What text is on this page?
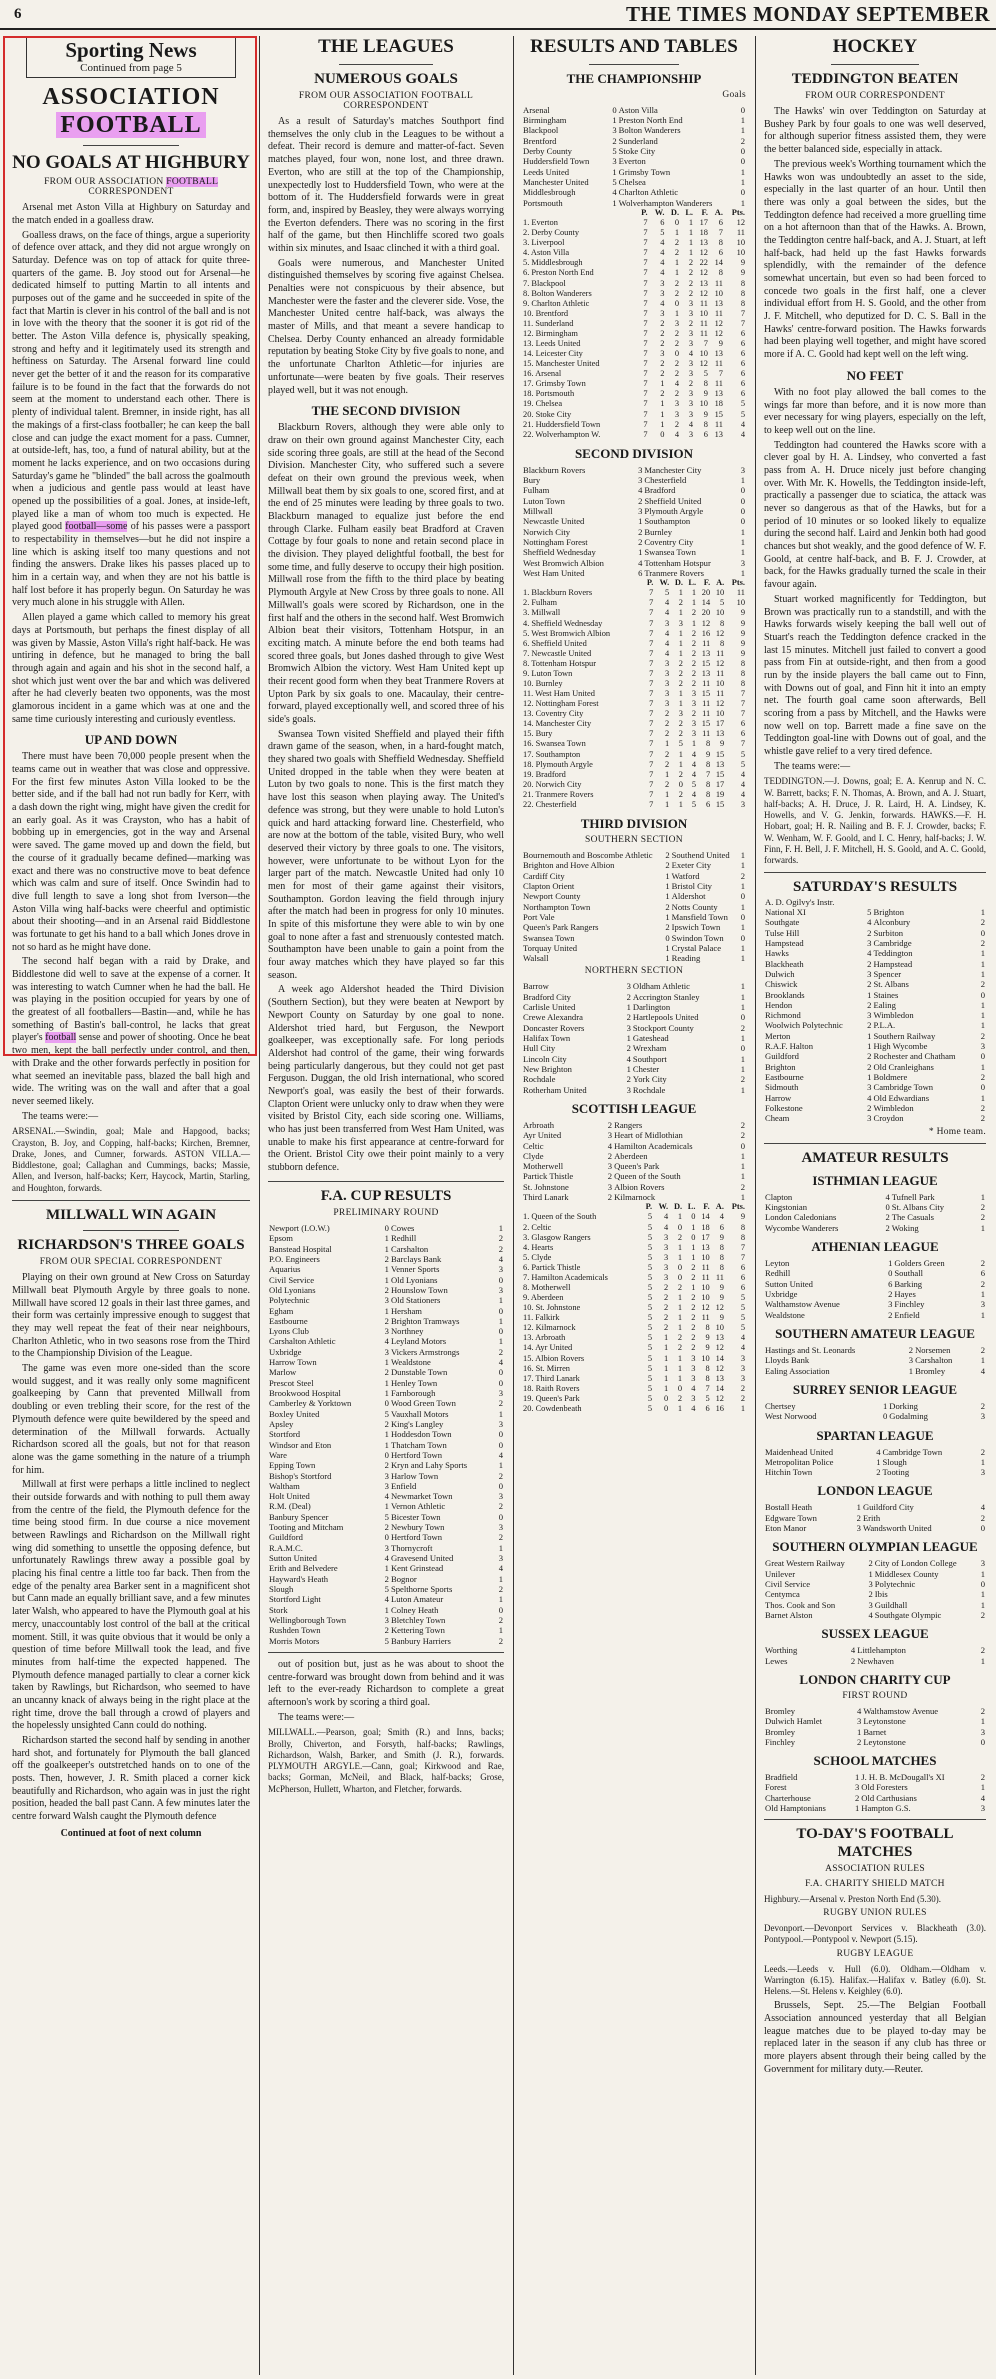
6	THE TIMES MONDAY SEPTEMBER
Sporting News
Continued from page 5
ASSOCIATION
FOOTBALL
NO GOALS AT HIGHBURY
FROM OUR ASSOCIATION FOOTBALL CORRESPONDENT

Arsenal met Aston Villa at Highbury on Saturday and the match ended in a goalless draw.

Goalless draws, on the face of things, argue a superiority of defence over attack, and they did not argue wrongly on Saturday. Defence was on top of attack for quite three-quarters of the game. B. Joy stood out for Arsenal—he dedicated himself to putting Martin to all intents and purposes out of the game and he succeeded in spite of the fact that Martin is clever in his control of the ball and is not in love with the theory that the sooner it is got rid of the better. The Aston Villa defence is, physically speaking, strong and hefty and it legitimately used its strength and heftiness on Saturday. The Arsenal forward line could never get the better of it and the reason for its comparative failure is to be found in the fact that the forwards do not seem at the moment to understand each other. There is plenty of individual talent. Bremner, in inside right, has all the makings of a first-class footballer; he can keep the ball close and can judge the exact moment for a pass. Cumner, at outside-left, has, too, a fund of natural ability, but at the moment he lacks experience, and on two occasions during Saturday's game he "blinded" the ball across the goalmouth when a judicious and gentle pass would at least have opened up the possibilities of a goal. Jones, at inside-left, played like a man of whom too much is expected. He played good football—some of his passes were a passport to respectability in themselves—but he did not inspire a line which is asking itself too many questions and not finding the answers. Drake likes his passes placed up to him in a certain way, and when they are not his battle is half lost before it has properly begun. On Saturday he was very much alone in his struggle with Allen.

Allen played a game which called to memory his great days at Portsmouth, but perhaps the finest display of all was given by Massie, Aston Villa's right half-back. He was untiring in defence, but he managed to bring the ball through again and again and his shot in the second half, a shot which just went over the bar and which was delivered after he had cleverly beaten two opponents, was the most glamorous incident in a game which was at one and the same time curiously interesting and curiously eventless.

UP AND DOWN

There must have been 70,000 people present when the teams came out in weather that was close and oppressive. For the first few minutes Aston Villa looked to be the better side, and if the ball had not run badly for Kerr, with a dash down the right wing, might have given the credit for an early goal. As it was Crayston, who has a habit of bobbing up in emergencies, got in the way and Arsenal were saved. The game moved up and down the field, but the course of it gradually became defined—marking was exact and there was no constructive move to beat defence which was calm and sure of itself. Once Swindin had to dive full length to save a long shot from Iverson—the Aston Villa wing half-backs were cheerful and optimistic about their shooting—and in an Arsenal raid Biddlestone was fortunate to get his hand to a ball which Jones drove in not so hard as he might have done.

The second half began with a raid by Drake, and Biddlestone did well to save at the expense of a corner. It was interesting to watch Cumner when he had the ball. He was playing in the position occupied for years by one of the greatest of all footballers—Bastin—and, while he has something of Bastin's ball-control, he lacks that great player's football sense and power of shooting. Once he beat two men, kept the ball perfectly under control, and then, with Drake and the other forwards perfectly in position for what seemed an inevitable pass, blazed the ball high and wide. The writing was on the wall and after that a goal never seemed likely.

The teams were:—

ARSENAL.—Swindin, goal; Male and Hapgood, backs; Crayston, B. Joy, and Copping, half-backs; Kirchen, Bremner, Drake, Jones, and Cumner, forwards. ASTON VILLA.—Biddlestone, goal; Callaghan and Cummings, backs; Massie, Allen, and Iverson, half-backs; Kerr, Haycock, Martin, Starling, and Houghton, forwards.

MILLWALL WIN AGAIN
RICHARDSON'S THREE GOALS
FROM OUR SPECIAL CORRESPONDENT

Playing on their own ground at New Cross on Saturday Millwall beat Plymouth Argyle by three goals to none. Millwall have scored 12 goals in their last three games, and their form was certainly impressive enough to suggest that they may well repeat the feat of their near neighbours, Charlton Athletic, who in two seasons rose from the Third to the Championship Division of the League.

The game was even more one-sided than the score would suggest, and it was really only some magnificent goalkeeping by Cann that prevented Millwall from doubling or even trebling their score, for the rest of the Plymouth defence were quite bewildered by the speed and determination of the Millwall forwards. Actually Richardson scored all the goals, but not for that reason alone was the game something in the nature of a triumph for him.

Millwall at first were perhaps a little inclined to neglect their outside forwards and with nothing to pull them away from the centre of the field, the Plymouth defence for the time being stood firm. In due course a nice movement between Rawlings and Richardson on the Millwall right wing did something to unsettle the opposing defence, but unfortunately Rawlings threw away a possible goal by placing his final centre a little too far back. Then from the edge of the penalty area Barker sent in a magnificent shot but Cann made an equally brilliant save, and a few minutes later Walsh, who appeared to have the Plymouth goal at his mercy, unaccountably lost control of the ball at the critical moment. Still, it was quite obvious that it would be only a question of time before Millwall took the lead, and five minutes from half-time the expected happened. The Plymouth defence managed partially to clear a corner kick taken by Rawlings, but Richardson, who seemed to have an uncanny knack of always being in the right place at the right time, drove the ball through a crowd of players and the hopelessly unsighted Cann could do nothing.

Richardson started the second half by sending in another hard shot, and fortunately for Plymouth the ball glanced off the goalkeeper's outstretched hands on to one of the posts. Then, however, J. R. Smith placed a corner kick beautifully and Richardson, who again was in just the right position, headed the ball past Cann. A few minutes later the centre forward Walsh caught the Plymouth defence

Continued at foot of next column
THE LEAGUES
NUMEROUS GOALS
FROM OUR ASSOCIATION FOOTBALL CORRESPONDENT

As a result of Saturday's matches Southport find themselves the only club in the Leagues to be without a defeat. Their record is demure and matter-of-fact. Seven matches played, four won, none lost, and three drawn. Everton, who are still at the top of the Championship, unexpectedly lost to Huddersfield Town, who were at the bottom of it. The Huddersfield forwards were in great form, and, inspired by Beasley, they were always worrying the Everton defenders. There was no scoring in the first half of the game, but then Hinchliffe scored two goals within six minutes, and Isaac clinched it with a third goal.

Goals were numerous, and Manchester United distinguished themselves by scoring five against Chelsea. Penalties were not conspicuous by their absence, but Manchester were the faster and the cleverer side. Vose, the Manchester United centre half-back, was always the master of Mills, and that meant a severe handicap to Chelsea. Derby County enhanced an already formidable reputation by beating Stoke City by five goals to none, and the unfortunate Charlton Athletic—for injuries are unfortunate—were beaten by five goals. Their reserves played well, but it was not enough.

THE SECOND DIVISION

Blackburn Rovers, although they were able only to draw on their own ground against Manchester City, each side scoring three goals, are still at the head of the Second Division. Manchester City, who suffered such a severe defeat on their own ground the previous week, when Millwall beat them by six goals to one, scored first, and at the end of 25 minutes were leading by three goals to two. Blackburn managed to equalize just before the end through Clarke. Fulham easily beat Bradford at Craven Cottage by four goals to none and retain second place in the division. They played delightful football, the best for some time, and fully deserve to occupy their high position. Millwall rose from the fifth to the third place by beating Plymouth Argyle at New Cross by three goals to none. All Millwall's goals were scored by Richardson, one in the first half and the others in the second half. West Bromwich Albion beat their visitors, Tottenham Hotspur, in an exciting match. A minute before the end both teams had scored three goals, but Jones dashed through to give West Bromwich Albion the victory. West Ham United kept up their recent good form when they beat Tranmere Rovers at Upton Park by six goals to one. Macaulay, their centre-forward, played exceptionally well, and scored three of his side's goals.

Swansea Town visited Sheffield and played their fifth drawn game of the season, when, in a hard-fought match, they shared two goals with Sheffield Wednesday. Sheffield United dropped in the table when they were beaten at Luton by two goals to none. This is the first match they have lost this season when playing away. The United's defence was strong, but they were unable to hold Luton's quick and hard attacking forward line. Chesterfield, who are now at the bottom of the table, visited Bury, who well deserved their victory by three goals to one. The visitors, however, were unfortunate to be without Lyon for the larger part of the match. Newcastle United had only 10 men for most of their game against their visitors, Southampton. Gordon leaving the field through injury after the match had been in progress for only 10 minutes. In spite of this misfortune they were able to win by one goal to none after a fast and strenuously contested match. Southampton have been unable to gain a point from the four away matches which they have played so far this season.

A week ago Aldershot headed the Third Division (Southern Section), but they were beaten at Newport by Newport County on Saturday by one goal to none. Aldershot tried hard, but Ferguson, the Newport goalkeeper, was exceptionally safe. For long periods Aldershot had control of the game, their wing forwards being particularly dangerous, but they could not get past Ferguson. Duggan, the old Irish international, who scored Newport's goal, was easily the best of their forwards. Clapton Orient were unlucky only to draw when they were visited by Bristol City, each side scoring one. Williams, who has just been transferred from West Ham United, was unable to make his first appearance at centre-forward for the Orient. Bristol City owe their point mainly to a very stubborn defence.

F.A. CUP RESULTS
PRELIMINARY ROUND
Newport (I.O.W.)	0	Cowes	1
Epsom	1	Redhill	2
Banstead Hospital	1	Carshalton	2
P.O. Engineers	2	Barclays Bank	4
Aquarius	1	Venner Sports	3
Civil Service	1	Old Lyonians	0
Old Lyonians	2	Hounslow Town	3
Polytechnic	3	Old Stationers	1
Egham	1	Hersham	0
Eastbourne	2	Brighton Tramways	1
Lyons Club	3	Northney	0
Carshalton Athletic	4	Leyland Motors	1
Uxbridge	3	Vickers Armstrongs	2
Harrow Town	1	Wealdstone	4
Marlow	2	Dunstable Town	0
Prescot Steel	1	Henley Town	0
Brookwood Hospital	1	Farnborough	3
Camberley & Yorktown	0	Wood Green Town	2
Boxley United	5	Vauxhall Motors	1
Apsley	2	King's Langley	3
Stortford	1	Hoddesdon Town	0
Windsor and Eton	1	Thatcham Town	0
Ware	0	Hertford Town	4
Epping Town	2	Kryn and Lahy Sports	1
Bishop's Stortford	3	Harlow Town	2
Waltham	3	Enfield	0
Holt United	4	Newmarket Town	3
R.M. (Deal)	1	Vernon Athletic	2
Banbury Spencer	5	Bicester Town	0
Tooting and Mitcham	2	Newbury Town	3
Guildford	0	Hertford Town	2
R.A.M.C.	3	Thornycroft	1
Sutton United	4	Gravesend United	3
Erith and Belvedere	1	Kent Grinstead	4
Hayward's Heath	2	Bognor	1
Slough	5	Spelthorne Sports	2
Stortford Light	4	Luton Amateur	1
Stork	1	Colney Heath	0
Wellingborough Town	3	Bletchley Town	2
Rushden Town	2	Kettering Town	1
Morris Motors	5	Banbury Harriers	2

out of position but, just as he was about to shoot the centre-forward was brought down from behind and it was left to the ever-ready Richardson to complete a great afternoon's work by scoring a third goal.

The teams were:—

MILLWALL.—Pearson, goal; Smith (R.) and Inns, backs; Brolly, Chiverton, and Forsyth, half-backs; Rawlings, Richardson, Walsh, Barker, and Smith (J. R.), forwards. PLYMOUTH ARGYLE.—Cann, goal; Kirkwood and Rae, backs; Gorman, McNeil, and Black, half-backs; Grose, McPherson, Hullett, Wharton, and Fletcher, forwards.

RESULTS AND TABLES
THE CHAMPIONSHIP
Goals
Arsenal	0	Aston Villa	0
Birmingham	1	Preston North End	1
Blackpool	3	Bolton Wanderers	1
Brentford	2	Sunderland	2
Derby County	5	Stoke City	0
Huddersfield Town	3	Everton	0
Leeds United	1	Grimsby Town	1
Manchester United	5	Chelsea	1
Middlesbrough	4	Charlton Athletic	0
Portsmouth	1	Wolverhampton Wanderers	1
	P.	W.	D.	L.	F.	A.	Pts.
1. Everton	7	6	0	1	17	6	12
2. Derby County	7	5	1	1	18	7	11
3. Liverpool	7	4	2	1	13	8	10
4. Aston Villa	7	4	2	1	12	6	10
5. Middlesbrough	7	4	1	2	22	14	9
6. Preston North End	7	4	1	2	12	8	9
7. Blackpool	7	3	2	2	13	11	8
8. Bolton Wanderers	7	3	2	2	12	10	8
9. Charlton Athletic	7	4	0	3	11	13	8
10. Brentford	7	3	1	3	10	11	7
11. Sunderland	7	2	3	2	11	12	7
12. Birmingham	7	2	2	3	11	12	6
13. Leeds United	7	2	2	3	7	9	6
14. Leicester City	7	3	0	4	10	13	6
15. Manchester United	7	2	2	3	12	11	6
16. Arsenal	7	2	2	3	5	7	6
17. Grimsby Town	7	1	4	2	8	11	6
18. Portsmouth	7	2	2	3	9	13	6
19. Chelsea	7	1	3	3	10	18	5
20. Stoke City	7	1	3	3	9	15	5
21. Huddersfield Town	7	1	2	4	8	11	4
22. Wolverhampton W.	7	0	4	3	6	13	4
SECOND DIVISION
Blackburn Rovers	3	Manchester City	3
Bury	3	Chesterfield	1
Fulham	4	Bradford	0
Luton Town	2	Sheffield United	0
Millwall	3	Plymouth Argyle	0
Newcastle United	1	Southampton	0
Norwich City	2	Burnley	1
Nottingham Forest	2	Coventry City	1
Sheffield Wednesday	1	Swansea Town	1
West Bromwich Albion	4	Tottenham Hotspur	3
West Ham United	6	Tranmere Rovers	1
	P.	W.	D.	L.	F.	A.	Pts.
1. Blackburn Rovers	7	5	1	1	20	10	11
2. Fulham	7	4	2	1	14	5	10
3. Millwall	7	4	1	2	20	10	9
4. Sheffield Wednesday	7	3	3	1	12	8	9
5. West Bromwich Albion	7	4	1	2	16	12	9
6. Sheffield United	7	4	1	2	11	8	9
7. Newcastle United	7	4	1	2	13	11	9
8. Tottenham Hotspur	7	3	2	2	15	12	8
9. Luton Town	7	3	2	2	13	11	8
10. Burnley	7	3	2	2	11	10	8
11. West Ham United	7	3	1	3	15	11	7
12. Nottingham Forest	7	3	1	3	11	12	7
13. Coventry City	7	2	3	2	11	10	7
14. Manchester City	7	2	2	3	15	17	6
15. Bury	7	2	2	3	11	13	6
16. Swansea Town	7	1	5	1	8	9	7
17. Southampton	7	2	1	4	9	15	5
18. Plymouth Argyle	7	2	1	4	8	13	5
19. Bradford	7	1	2	4	7	15	4
20. Norwich City	7	2	0	5	8	17	4
21. Tranmere Rovers	7	1	2	4	8	19	4
22. Chesterfield	7	1	1	5	6	15	3
THIRD DIVISION
SOUTHERN SECTION
Bournemouth and Boscombe Athletic	2	Southend United	1
Brighton and Hove Albion	2	Exeter City	1
Cardiff City	1	Watford	2
Clapton Orient	1	Bristol City	1
Newport County	1	Aldershot	0
Northampton Town	2	Notts County	1
Port Vale	1	Mansfield Town	0
Queen's Park Rangers	2	Ipswich Town	1
Swansea Town	0	Swindon Town	0
Torquay United	1	Crystal Palace	1
Walsall	1	Reading	1
NORTHERN SECTION
Barrow	3	Oldham Athletic	1
Bradford City	2	Accrington Stanley	1
Carlisle United	1	Darlington	1
Crewe Alexandra	2	Hartlepools United	0
Doncaster Rovers	3	Stockport County	2
Halifax Town	1	Gateshead	1
Hull City	2	Wrexham	0
Lincoln City	4	Southport	1
New Brighton	1	Chester	1
Rochdale	2	York City	2
Rotherham United	3	Rochdale	1
SCOTTISH LEAGUE
Arbroath	2	Rangers	2
Ayr United	3	Heart of Midlothian	2
Celtic	4	Hamilton Academicals	0
Clyde	2	Aberdeen	1
Motherwell	3	Queen's Park	1
Partick Thistle	2	Queen of the South	1
St. Johnstone	3	Albion Rovers	2
Third Lanark	2	Kilmarnock	1
	P.	W.	D.	L.	F.	A.	Pts.
1. Queen of the South	5	4	1	0	14	4	9
2. Celtic	5	4	0	1	18	6	8
3. Glasgow Rangers	5	3	2	0	17	9	8
4. Hearts	5	3	1	1	13	8	7
5. Clyde	5	3	1	1	10	8	7
6. Partick Thistle	5	3	0	2	11	8	6
7. Hamilton Academicals	5	3	0	2	11	11	6
8. Motherwell	5	2	2	1	10	9	6
9. Aberdeen	5	2	1	2	10	9	5
10. St. Johnstone	5	2	1	2	12	12	5
11. Falkirk	5	2	1	2	11	9	5
12. Kilmarnock	5	2	1	2	8	10	5
13. Arbroath	5	1	2	2	9	13	4
14. Ayr United	5	1	2	2	9	12	4
15. Albion Rovers	5	1	1	3	10	14	3
16. St. Mirren	5	1	1	3	8	12	3
17. Third Lanark	5	1	1	3	8	13	3
18. Raith Rovers	5	1	0	4	7	14	2
19. Queen's Park	5	0	2	3	5	12	2
20. Cowdenbeath	5	0	1	4	6	16	1
HOCKEY
TEDDINGTON BEATEN
FROM OUR CORRESPONDENT

The Hawks' win over Teddington on Saturday at Bushey Park by four goals to one was well deserved, for although superior fitness assisted them, they were the better balanced side, especially in attack.

The previous week's Worthing tournament which the Hawks won was undoubtedly an asset to the side, especially in the last quarter of an hour. Until then there was only a goal between the sides, but the Teddington defence had received a more gruelling time on a hot afternoon than that of the Hawks. A. Brown, the Teddington centre half-back, and A. J. Stuart, at left half-back, had held up the fast Hawks forwards splendidly, with the remainder of the defence somewhat uncertain, but even so had been forced to concede two goals in the first half, one a clever individual effort from H. S. Goold, and the other from J. F. Mitchell, who deputized for D. C. S. Ball in the Hawks' centre-forward position. The Hawks forwards had been playing well together, and might have scored more if A. C. Goold had kept well on the left wing.

NO FEET

With no foot play allowed the ball comes to the wings far more than before, and it is now more than ever necessary for wing players, especially on the left, to keep well out on the line.

Teddington had countered the Hawks score with a clever goal by H. A. Lindsey, who converted a fast pass from A. H. Druce nicely just before changing over. With Mr. K. Howells, the Teddington inside-left, practically a passenger due to sciatica, the attack was never so dangerous as that of the Hawks, but for a period of 10 minutes or so looked likely to equalize during the second half. Laird and Jenkin both had good chances but shot weakly, and the good defence of W. F. Goold, at centre half-back, and B. F. J. Crowder, at back, for the Hawks gradually turned the scale in their favour again.

Stuart worked magnificently for Teddington, but Brown was practically run to a standstill, and with the Hawks forwards wisely keeping the ball well out of Stuart's reach the Teddington defence cracked in the last 15 minutes. Mitchell just failed to convert a good pass from Fin at outside-right, and then from a good run by the inside players the ball came out to Finn, with Downs out of goal, and Finn hit it into an empty net. The fourth goal came soon afterwards, Bell scoring from a pass by Mitchell, and the Hawks were now well on top. Barrett made a fine save on the Teddington goal-line with Downs out of goal, and the whistle gave relief to a very tired defence.

The teams were:—

TEDDINGTON.—J. Downs, goal; E. A. Kenrup and N. C. W. Barrett, backs; F. N. Thomas, A. Brown, and A. J. Stuart, half-backs; A. H. Druce, J. R. Laird, H. A. Lindsey, K. Howells, and V. G. Jenkin, forwards. HAWKS.—F. H. Hobart, goal; H. R. Nailing and B. F. J. Crowder, backs; F. W. Wenham, W. F. Goold, and I. C. Henry, half-backs; J. W. Finn, F. H. Bell, J. F. Mitchell, H. S. Goold, and A. C. Goold, forwards.

SATURDAY'S RESULTS
A. D. Ogilvy's Instr.			
National XI	5	Brighton	1
Southgate	4	Alconbury	2
Tulse Hill	2	Surbiton	0
Hampstead	3	Cambridge	2
Hawks	4	Teddington	1
Blackheath	2	Hampstead	1
Dulwich	3	Spencer	1
Chiswick	2	St. Albans	2
Brooklands	1	Staines	0
Hendon	2	Ealing	1
Richmond	3	Wimbledon	1
Woolwich Polytechnic	2	P.L.A.	1
Merton	1	Southern Railway	2
R.A.F. Halton	1	High Wycombe	3
Guildford	2	Rochester and Chatham	0
Brighton	2	Old Cranleighans	1
Eastbourne	1	Boldmere	2
Sidmouth	3	Cambridge Town	0
Harrow	4	Old Edwardians	1
Folkestone	2	Wimbledon	2
Cheam	3	Croydon	2
* Home team.
AMATEUR RESULTS
ISTHMIAN LEAGUE
Clapton	4	Tufnell Park	1
Kingstonian	0	St. Albans City	2
London Caledonians	2	The Casuals	2
Wycombe Wanderers	2	Woking	1
ATHENIAN LEAGUE
Leyton	1	Golders Green	2
Redhill	0	Southall	6
Sutton United	6	Barking	2
Uxbridge	2	Hayes	1
Walthamstow Avenue	3	Finchley	3
Wealdstone	2	Enfield	1
SOUTHERN AMATEUR LEAGUE
Hastings and St. Leonards	2	Norsemen	2
Lloyds Bank	3	Carshalton	1
Ealing Association	1	Bromley	4
SURREY SENIOR LEAGUE
Chertsey	1	Dorking	2
West Norwood	0	Godalming	3
SPARTAN LEAGUE
Maidenhead United	4	Cambridge Town	2
Metropolitan Police	1	Slough	1
Hitchin Town	2	Tooting	3
LONDON LEAGUE
Bostall Heath	1	Guildford City	4
Edgware Town	2	Erith	2
Eton Manor	3	Wandsworth United	0
SOUTHERN OLYMPIAN LEAGUE
Great Western Railway	2	City of London College	3
Unilever	1	Middlesex County	1
Civil Service	3	Polytechnic	0
Centymca	2	Ibis	1
Thos. Cook and Son	3	Guildhall	1
Barnet Alston	4	Southgate Olympic	2
SUSSEX LEAGUE
Worthing	4	Littlehampton	2
Lewes	2	Newhaven	1
LONDON CHARITY CUP
FIRST ROUND
Bromley	4	Walthamstow Avenue	2
Dulwich Hamlet	3	Leytonstone	1
Bromley	1	Barnet	3
Finchley	2	Leytonstone	0
SCHOOL MATCHES
Bradfield	1	J. H. B. McDougall's XI	2
Forest	3	Old Foresters	1
Charterhouse	2	Old Carthusians	4
Old Hamptonians	1	Hampton G.S.	3
TO-DAY'S FOOTBALL MATCHES
ASSOCIATION RULES
F.A. CHARITY SHIELD MATCH

Highbury.—Arsenal v. Preston North End (5.30).

RUGBY UNION RULES

Devonport.—Devonport Services v. Blackheath (3.0). Pontypool.—Pontypool v. Newport (5.15).

RUGBY LEAGUE

Leeds.—Leeds v. Hull (6.0). Oldham.—Oldham v. Warrington (6.15). Halifax.—Halifax v. Batley (6.0). St. Helens.—St. Helens v. Keighley (6.0).

Brussels, Sept. 25.—The Belgian Football Association announced yesterday that all Belgian league matches due to be played to-day may be replaced later in the season if any club has three or more players absent through their being called by the Government for military duty.—Reuter.
